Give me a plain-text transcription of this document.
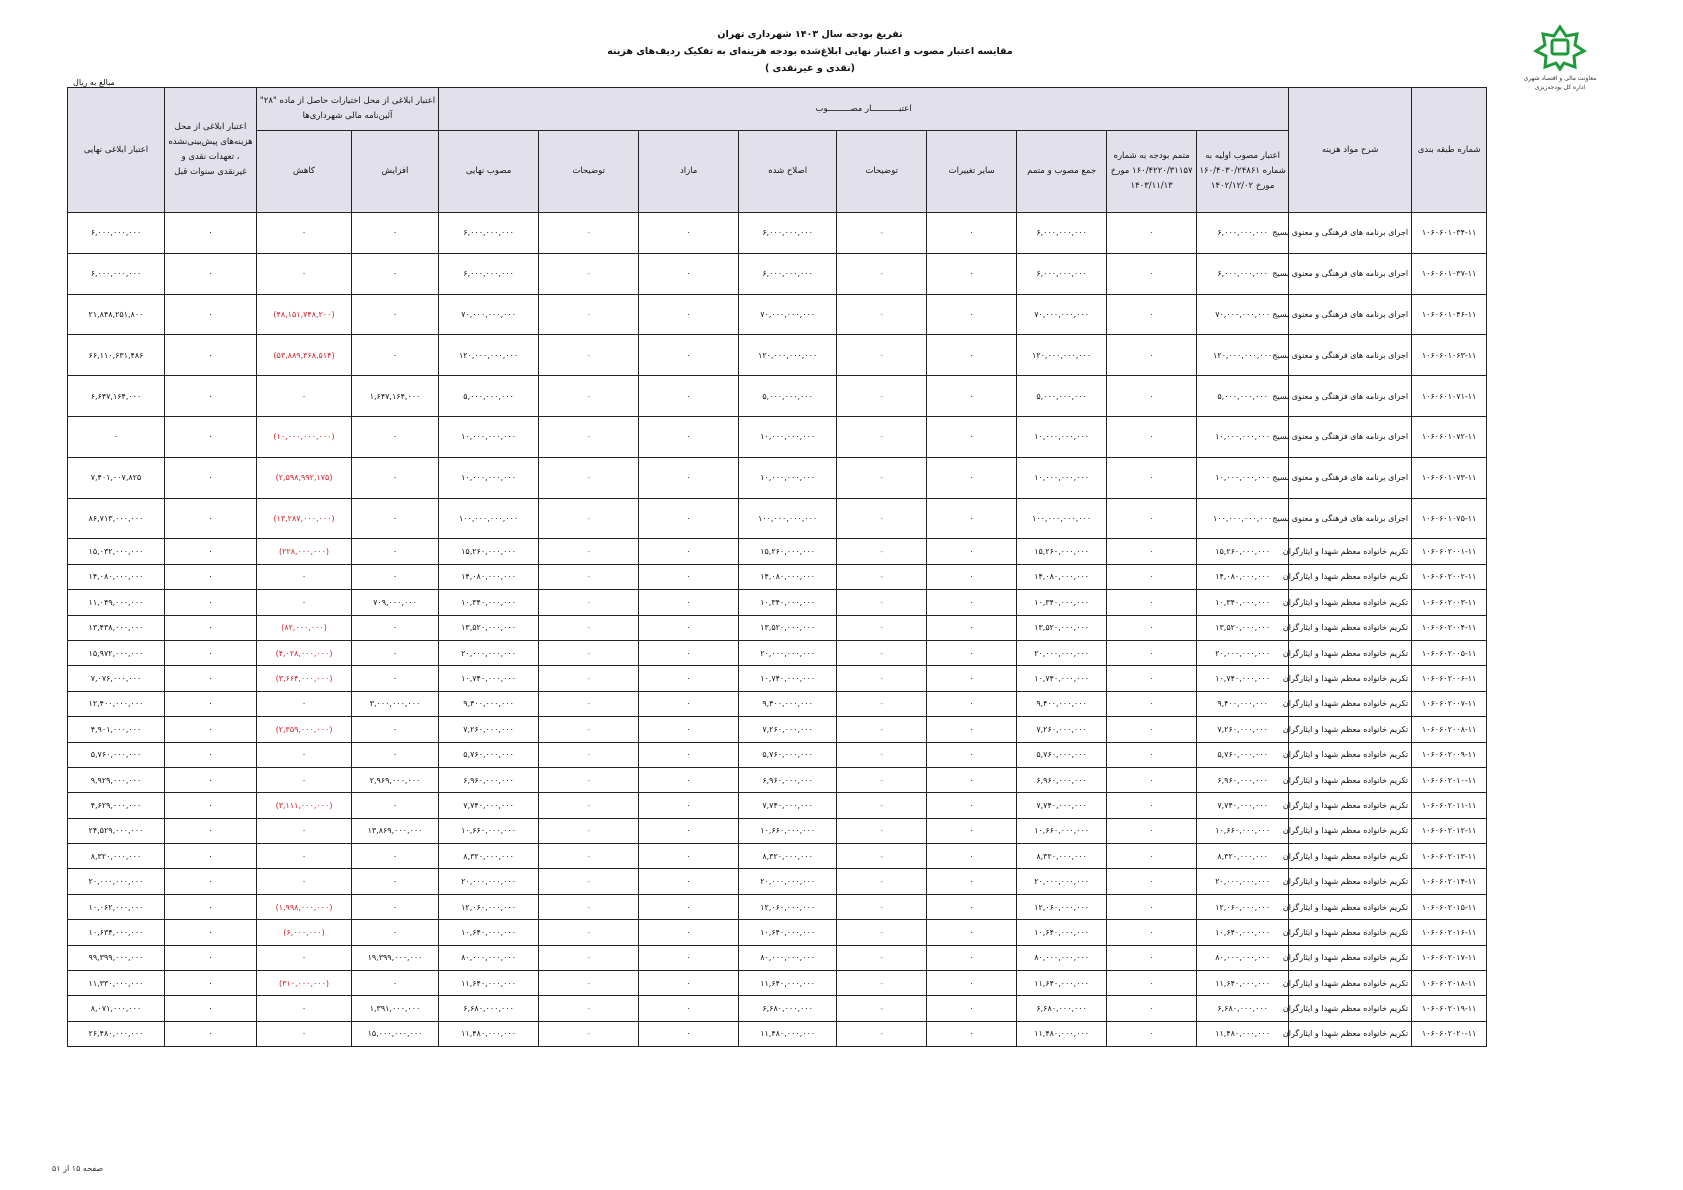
معاونت مالی و اقتصاد شهری
اداره کل بودجه‌ریزی
تفریغ بودجه سال ۱۴۰۳ شهرداری تهران
مقایسه اعتبار مصوب و اعتبار نهایی ابلاغ‌شده بودجه هزینه‌ای به تفکیک ردیف‌های هزینه
(نقدی و غیرنقدی )
مبالغ به ریال
شماره طبقه بندی	شرح مواد هزینه	اعتبـــــــــــار مصـــــــــوب									اعتبار ابلاغی از محل اختیارات حاصل از ماده "۲۸" آئین‌نامه مالی شهرداری‌ها		اعتبار ابلاغی از محل هزینه‌های پیش‌بینی‌نشده ، تعهدات نقدی و غیرنقدی سنوات قبل	اعتبار ابلاغی نهایی
		اعتبار مصوب اولیه به شماره ۱۶۰/۴۰۳۰/۲۴۸۶۱ مورخ ۱۴۰۲/۱۲/۰۲	متمم بودجه به شماره ۱۶۰/۴۲۲۰/۳۱۱۵۷ مورخ ۱۴۰۳/۱۱/۱۳	جمع مصوب و متمم	سایر تغییرات	توضیحات	اصلاح شده	مازاد	توضیحات	مصوب نهایی	افزایش	کاهش		
۱۰۶۰۶۰۱۰۳۴-۱۱	اجرای برنامه های فرهنگی و معنوی بسیج	۶,۰۰۰,۰۰۰,۰۰۰	۰	۶,۰۰۰,۰۰۰,۰۰۰	۰	-	۶,۰۰۰,۰۰۰,۰۰۰	۰	-	۶,۰۰۰,۰۰۰,۰۰۰	۰	۰	۰	۶,۰۰۰,۰۰۰,۰۰۰
۱۰۶۰۶۰۱۰۳۷-۱۱	اجرای برنامه های فرهنگی و معنوی بسیج	۶,۰۰۰,۰۰۰,۰۰۰	۰	۶,۰۰۰,۰۰۰,۰۰۰	۰	-	۶,۰۰۰,۰۰۰,۰۰۰	۰	-	۶,۰۰۰,۰۰۰,۰۰۰	۰	۰	۰	۶,۰۰۰,۰۰۰,۰۰۰
۱۰۶۰۶۰۱۰۴۶-۱۱	اجرای برنامه های فرهنگی و معنوی بسیج	۷۰,۰۰۰,۰۰۰,۰۰۰	۰	۷۰,۰۰۰,۰۰۰,۰۰۰	۰	-	۷۰,۰۰۰,۰۰۰,۰۰۰	۰	-	۷۰,۰۰۰,۰۰۰,۰۰۰	۰	(۴۸,۱۵۱,۷۴۸,۲۰۰)	۰	۲۱,۸۴۸,۲۵۱,۸۰۰
۱۰۶۰۶۰۱۰۶۳-۱۱	اجرای برنامه های فرهنگی و معنوی بسیج	۱۲۰,۰۰۰,۰۰۰,۰۰۰	۰	۱۲۰,۰۰۰,۰۰۰,۰۰۰	۰	-	۱۲۰,۰۰۰,۰۰۰,۰۰۰	۰	-	۱۲۰,۰۰۰,۰۰۰,۰۰۰	۰	(۵۳,۸۸۹,۳۶۸,۵۱۴)	۰	۶۶,۱۱۰,۶۳۱,۴۸۶
۱۰۶۰۶۰۱۰۷۱-۱۱	اجرای برنامه های فرهنگی و معنوی بسیج	۵,۰۰۰,۰۰۰,۰۰۰	۰	۵,۰۰۰,۰۰۰,۰۰۰	۰	-	۵,۰۰۰,۰۰۰,۰۰۰	۰	-	۵,۰۰۰,۰۰۰,۰۰۰	۱,۶۴۷,۱۶۴,۰۰۰	۰	۰	۶,۶۴۷,۱۶۴,۰۰۰
۱۰۶۰۶۰۱۰۷۲-۱۱	اجرای برنامه های فرهنگی و معنوی بسیج	۱۰,۰۰۰,۰۰۰,۰۰۰	۰	۱۰,۰۰۰,۰۰۰,۰۰۰	۰	-	۱۰,۰۰۰,۰۰۰,۰۰۰	۰	-	۱۰,۰۰۰,۰۰۰,۰۰۰	۰	(۱۰,۰۰۰,۰۰۰,۰۰۰)	۰	۰
۱۰۶۰۶۰۱۰۷۳-۱۱	اجرای برنامه های فرهنگی و معنوی بسیج	۱۰,۰۰۰,۰۰۰,۰۰۰	۰	۱۰,۰۰۰,۰۰۰,۰۰۰	۰	-	۱۰,۰۰۰,۰۰۰,۰۰۰	۰	-	۱۰,۰۰۰,۰۰۰,۰۰۰	۰	(۲,۵۹۸,۹۹۲,۱۷۵)	۰	۷,۴۰۱,۰۰۷,۸۲۵
۱۰۶۰۶۰۱۰۷۵-۱۱	اجرای برنامه های فرهنگی و معنوی بسیج	۱۰۰,۰۰۰,۰۰۰,۰۰۰	۰	۱۰۰,۰۰۰,۰۰۰,۰۰۰	۰	-	۱۰۰,۰۰۰,۰۰۰,۰۰۰	۰	-	۱۰۰,۰۰۰,۰۰۰,۰۰۰	۰	(۱۳,۲۸۷,۰۰۰,۰۰۰)	۰	۸۶,۷۱۳,۰۰۰,۰۰۰
۱۰۶۰۶۰۲۰۰۱-۱۱	تکریم خانواده معظم شهدا و ایثارگران	۱۵,۲۶۰,۰۰۰,۰۰۰	۰	۱۵,۲۶۰,۰۰۰,۰۰۰	۰	-	۱۵,۲۶۰,۰۰۰,۰۰۰	۰	-	۱۵,۲۶۰,۰۰۰,۰۰۰	۰	(۲۲۸,۰۰۰,۰۰۰)	۰	۱۵,۰۳۲,۰۰۰,۰۰۰
۱۰۶۰۶۰۲۰۰۲-۱۱	تکریم خانواده معظم شهدا و ایثارگران	۱۴,۰۸۰,۰۰۰,۰۰۰	۰	۱۴,۰۸۰,۰۰۰,۰۰۰	۰	-	۱۴,۰۸۰,۰۰۰,۰۰۰	۰	-	۱۴,۰۸۰,۰۰۰,۰۰۰	۰	۰	۰	۱۴,۰۸۰,۰۰۰,۰۰۰
۱۰۶۰۶۰۲۰۰۳-۱۱	تکریم خانواده معظم شهدا و ایثارگران	۱۰,۳۴۰,۰۰۰,۰۰۰	۰	۱۰,۳۴۰,۰۰۰,۰۰۰	۰	-	۱۰,۳۴۰,۰۰۰,۰۰۰	۰	-	۱۰,۳۴۰,۰۰۰,۰۰۰	۷۰۹,۰۰۰,۰۰۰	۰	۰	۱۱,۰۴۹,۰۰۰,۰۰۰
۱۰۶۰۶۰۲۰۰۴-۱۱	تکریم خانواده معظم شهدا و ایثارگران	۱۳,۵۲۰,۰۰۰,۰۰۰	۰	۱۳,۵۲۰,۰۰۰,۰۰۰	۰	-	۱۳,۵۲۰,۰۰۰,۰۰۰	۰	-	۱۳,۵۲۰,۰۰۰,۰۰۰	۰	(۸۲,۰۰۰,۰۰۰)	۰	۱۳,۴۳۸,۰۰۰,۰۰۰
۱۰۶۰۶۰۲۰۰۵-۱۱	تکریم خانواده معظم شهدا و ایثارگران	۲۰,۰۰۰,۰۰۰,۰۰۰	۰	۲۰,۰۰۰,۰۰۰,۰۰۰	۰	-	۲۰,۰۰۰,۰۰۰,۰۰۰	۰	-	۲۰,۰۰۰,۰۰۰,۰۰۰	۰	(۴,۰۲۸,۰۰۰,۰۰۰)	۰	۱۵,۹۷۲,۰۰۰,۰۰۰
۱۰۶۰۶۰۲۰۰۶-۱۱	تکریم خانواده معظم شهدا و ایثارگران	۱۰,۷۴۰,۰۰۰,۰۰۰	۰	۱۰,۷۴۰,۰۰۰,۰۰۰	۰	-	۱۰,۷۴۰,۰۰۰,۰۰۰	۰	-	۱۰,۷۴۰,۰۰۰,۰۰۰	۰	(۳,۶۶۴,۰۰۰,۰۰۰)	۰	۷,۰۷۶,۰۰۰,۰۰۰
۱۰۶۰۶۰۲۰۰۷-۱۱	تکریم خانواده معظم شهدا و ایثارگران	۹,۴۰۰,۰۰۰,۰۰۰	۰	۹,۴۰۰,۰۰۰,۰۰۰	۰	-	۹,۴۰۰,۰۰۰,۰۰۰	۰	-	۹,۴۰۰,۰۰۰,۰۰۰	۳,۰۰۰,۰۰۰,۰۰۰	۰	۰	۱۲,۴۰۰,۰۰۰,۰۰۰
۱۰۶۰۶۰۲۰۰۸-۱۱	تکریم خانواده معظم شهدا و ایثارگران	۷,۲۶۰,۰۰۰,۰۰۰	۰	۷,۲۶۰,۰۰۰,۰۰۰	۰	-	۷,۲۶۰,۰۰۰,۰۰۰	۰	-	۷,۲۶۰,۰۰۰,۰۰۰	۰	(۲,۳۵۹,۰۰۰,۰۰۰)	۰	۴,۹۰۱,۰۰۰,۰۰۰
۱۰۶۰۶۰۲۰۰۹-۱۱	تکریم خانواده معظم شهدا و ایثارگران	۵,۷۶۰,۰۰۰,۰۰۰	۰	۵,۷۶۰,۰۰۰,۰۰۰	۰	-	۵,۷۶۰,۰۰۰,۰۰۰	۰	-	۵,۷۶۰,۰۰۰,۰۰۰	۰	۰	۰	۵,۷۶۰,۰۰۰,۰۰۰
۱۰۶۰۶۰۲۰۱۰-۱۱	تکریم خانواده معظم شهدا و ایثارگران	۶,۹۶۰,۰۰۰,۰۰۰	۰	۶,۹۶۰,۰۰۰,۰۰۰	۰	-	۶,۹۶۰,۰۰۰,۰۰۰	۰	-	۶,۹۶۰,۰۰۰,۰۰۰	۲,۹۶۹,۰۰۰,۰۰۰	۰	۰	۹,۹۲۹,۰۰۰,۰۰۰
۱۰۶۰۶۰۲۰۱۱-۱۱	تکریم خانواده معظم شهدا و ایثارگران	۷,۷۴۰,۰۰۰,۰۰۰	۰	۷,۷۴۰,۰۰۰,۰۰۰	۰	-	۷,۷۴۰,۰۰۰,۰۰۰	۰	-	۷,۷۴۰,۰۰۰,۰۰۰	۰	(۳,۱۱۱,۰۰۰,۰۰۰)	۰	۴,۶۲۹,۰۰۰,۰۰۰
۱۰۶۰۶۰۲۰۱۲-۱۱	تکریم خانواده معظم شهدا و ایثارگران	۱۰,۶۶۰,۰۰۰,۰۰۰	۰	۱۰,۶۶۰,۰۰۰,۰۰۰	۰	-	۱۰,۶۶۰,۰۰۰,۰۰۰	۰	-	۱۰,۶۶۰,۰۰۰,۰۰۰	۱۳,۸۶۹,۰۰۰,۰۰۰	۰	۰	۲۴,۵۲۹,۰۰۰,۰۰۰
۱۰۶۰۶۰۲۰۱۳-۱۱	تکریم خانواده معظم شهدا و ایثارگران	۸,۳۲۰,۰۰۰,۰۰۰	۰	۸,۳۲۰,۰۰۰,۰۰۰	۰	-	۸,۳۲۰,۰۰۰,۰۰۰	۰	-	۸,۳۲۰,۰۰۰,۰۰۰	۰	۰	۰	۸,۳۲۰,۰۰۰,۰۰۰
۱۰۶۰۶۰۲۰۱۴-۱۱	تکریم خانواده معظم شهدا و ایثارگران	۲۰,۰۰۰,۰۰۰,۰۰۰	۰	۲۰,۰۰۰,۰۰۰,۰۰۰	۰	-	۲۰,۰۰۰,۰۰۰,۰۰۰	۰	-	۲۰,۰۰۰,۰۰۰,۰۰۰	۰	۰	۰	۲۰,۰۰۰,۰۰۰,۰۰۰
۱۰۶۰۶۰۲۰۱۵-۱۱	تکریم خانواده معظم شهدا و ایثارگران	۱۲,۰۶۰,۰۰۰,۰۰۰	۰	۱۲,۰۶۰,۰۰۰,۰۰۰	۰	-	۱۲,۰۶۰,۰۰۰,۰۰۰	۰	-	۱۲,۰۶۰,۰۰۰,۰۰۰	۰	(۱,۹۹۸,۰۰۰,۰۰۰)	۰	۱۰,۰۶۲,۰۰۰,۰۰۰
۱۰۶۰۶۰۲۰۱۶-۱۱	تکریم خانواده معظم شهدا و ایثارگران	۱۰,۶۴۰,۰۰۰,۰۰۰	۰	۱۰,۶۴۰,۰۰۰,۰۰۰	۰	-	۱۰,۶۴۰,۰۰۰,۰۰۰	۰	-	۱۰,۶۴۰,۰۰۰,۰۰۰	۰	(۶,۰۰۰,۰۰۰)	۰	۱۰,۶۳۴,۰۰۰,۰۰۰
۱۰۶۰۶۰۲۰۱۷-۱۱	تکریم خانواده معظم شهدا و ایثارگران	۸۰,۰۰۰,۰۰۰,۰۰۰	۰	۸۰,۰۰۰,۰۰۰,۰۰۰	۰	-	۸۰,۰۰۰,۰۰۰,۰۰۰	۰	-	۸۰,۰۰۰,۰۰۰,۰۰۰	۱۹,۳۹۹,۰۰۰,۰۰۰	۰	۰	۹۹,۳۹۹,۰۰۰,۰۰۰
۱۰۶۰۶۰۲۰۱۸-۱۱	تکریم خانواده معظم شهدا و ایثارگران	۱۱,۶۴۰,۰۰۰,۰۰۰	۰	۱۱,۶۴۰,۰۰۰,۰۰۰	۰	-	۱۱,۶۴۰,۰۰۰,۰۰۰	۰	-	۱۱,۶۴۰,۰۰۰,۰۰۰	۰	(۳۱۰,۰۰۰,۰۰۰)	۰	۱۱,۳۳۰,۰۰۰,۰۰۰
۱۰۶۰۶۰۲۰۱۹-۱۱	تکریم خانواده معظم شهدا و ایثارگران	۶,۶۸۰,۰۰۰,۰۰۰	۰	۶,۶۸۰,۰۰۰,۰۰۰	۰	-	۶,۶۸۰,۰۰۰,۰۰۰	۰	-	۶,۶۸۰,۰۰۰,۰۰۰	۱,۳۹۱,۰۰۰,۰۰۰	۰	۰	۸,۰۷۱,۰۰۰,۰۰۰
۱۰۶۰۶۰۲۰۲۰-۱۱	تکریم خانواده معظم شهدا و ایثارگران	۱۱,۴۸۰,۰۰۰,۰۰۰	۰	۱۱,۴۸۰,۰۰۰,۰۰۰	۰	-	۱۱,۴۸۰,۰۰۰,۰۰۰	۰	-	۱۱,۴۸۰,۰۰۰,۰۰۰	۱۵,۰۰۰,۰۰۰,۰۰۰	۰	۰	۲۶,۴۸۰,۰۰۰,۰۰۰
صفحه ۱۵ از ۵۱
